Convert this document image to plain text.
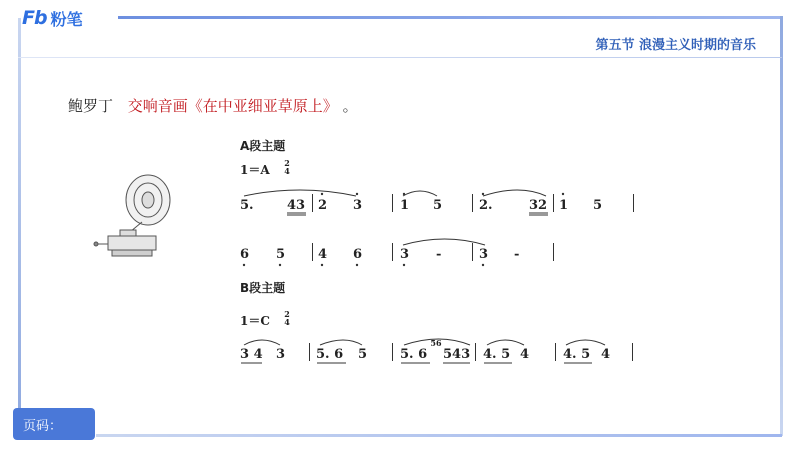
Fb 粉笔
第五节 浪漫主义时期的音乐
鲍罗丁 交响音画《在中亚细亚草原上》 。
A段主题
1＝A 2
4
5.	43 2 3	1 5	2.	32 1 5
6 5	4 6	3 -	3 -
B段主题
1＝C 2
4
3 4 3 5. 6 5	5. 6
56
543 4. 5 4	4. 5 4
页码：
